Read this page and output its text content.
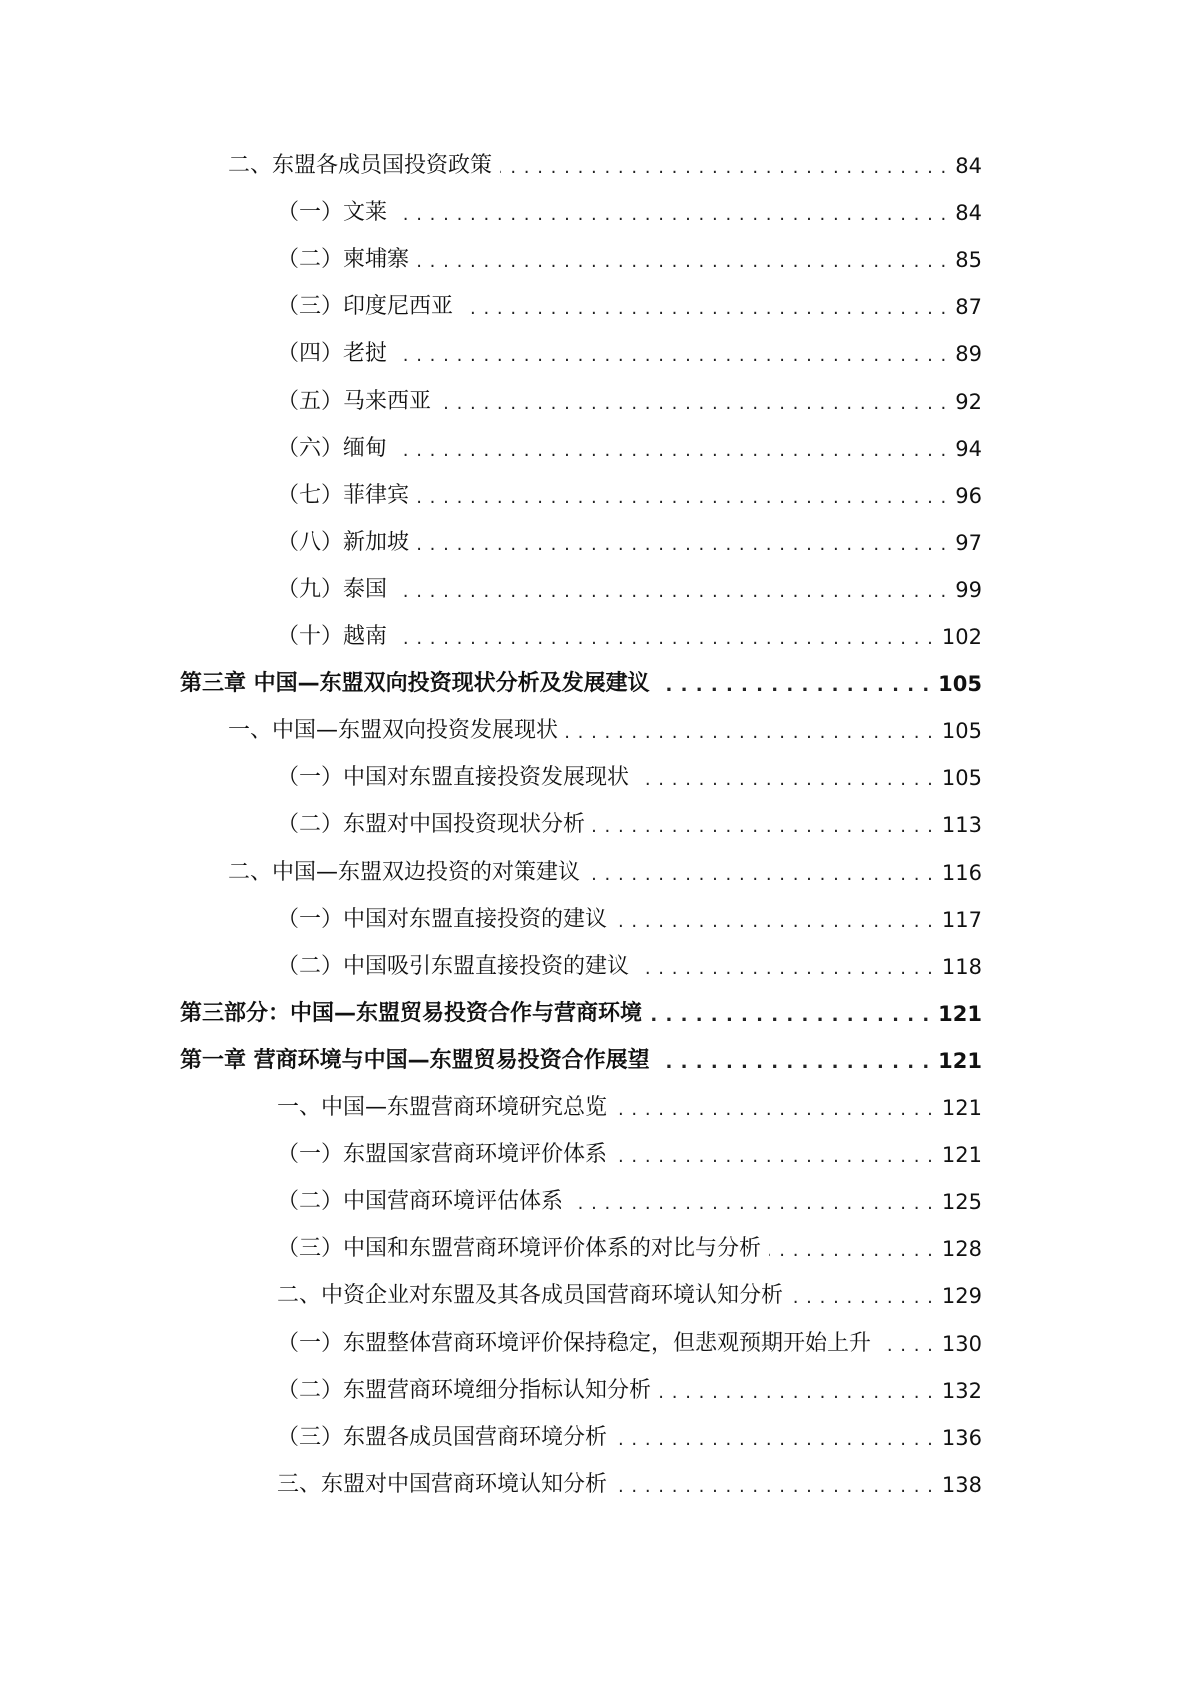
二、东盟各成员国投资政策 . . .	84
（一）文莱 . . .	84
（二）柬埔寨 . . .	85
（三）印度尼西亚 . . .	87
（四）老挝 . . .	89
（五）马来西亚 . . .	92
（六）缅甸 . . .	94
（七）菲律宾 . . .	96
（八）新加坡 . . .	97
（九）泰国 . . .	99
（十）越南 . . .	102
第三章 中国—东盟双向投资现状分析及发展建议 . . .	105
一、中国—东盟双向投资发展现状 . . .	105
（一）中国对东盟直接投资发展现状 . . .	105
（二）东盟对中国投资现状分析 . . .	113
二、中国—东盟双边投资的对策建议 . . .	116
（一）中国对东盟直接投资的建议 . . .	117
（二）中国吸引东盟直接投资的建议 . . .	118
第三部分：中国—东盟贸易投资合作与营商环境 . . .	121
第一章 营商环境与中国—东盟贸易投资合作展望 . . .	121
一、中国—东盟营商环境研究总览 . . .	121
（一）东盟国家营商环境评价体系 . . .	121
（二）中国营商环境评估体系 . . .	125
（三）中国和东盟营商环境评价体系的对比与分析 . . .	128
二、中资企业对东盟及其各成员国营商环境认知分析 . . .	129
（一）东盟整体营商环境评价保持稳定，但悲观预期开始上升 . . .	130
（二）东盟营商环境细分指标认知分析 . . .	132
（三）东盟各成员国营商环境分析 . . .	136
三、东盟对中国营商环境认知分析 . . .	138
